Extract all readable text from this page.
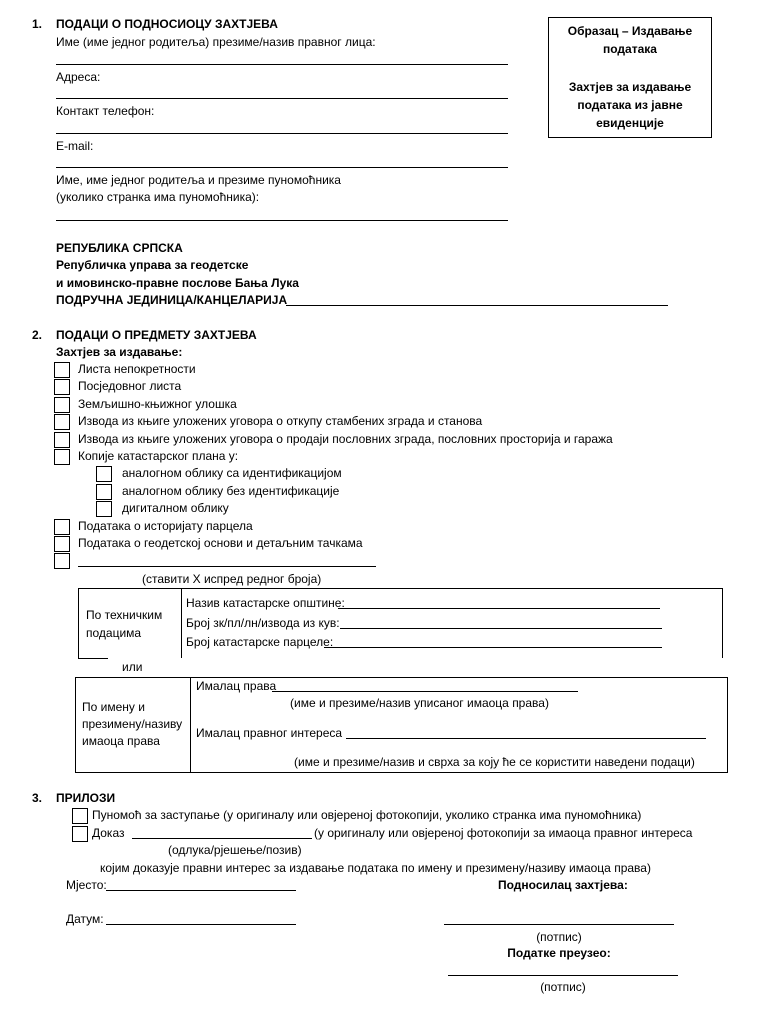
Образац – Издавање
података
Захтјев за издавање
података из јавне
евиденције
1. ПОДАЦИ О ПОДНОСИОЦУ ЗАХТЈЕВА
Име (име једног родитеља) презиме/назив правног лица:
Адреса:
Контакт телефон:
E-mail:
Име, име једног родитеља и презиме пуномоћника
(уколико странка има пуномоћника):
РЕПУБЛИКА СРПСКА
Републичка управа за геодетске
и имовинско-правне послове Бања Лука
ПОДРУЧНА ЈЕДИНИЦА/КАНЦЕЛАРИЈА
2. ПОДАЦИ О ПРЕДМЕТУ ЗАХТЈЕВА
Захтјев за издавање:
Листа непокретности
Посједовног листа
Земљишно-књижног улошка
Извода из књиге уложених уговора о откупу стамбених зграда и станова
Извода из књиге уложених уговора о продаји пословних зграда, пословних просторија и гаража
Копије катастарског плана у:
аналогном облику са идентификацијом
аналогном облику без идентификације
дигиталном облику
Података о историјату парцела
Података о геодетској основи и детаљним тачкама
(ставити X испред редног броја)
По техничким
подацима
Назив катастарске општине:
Број зк/пл/лн/извода из кув:
Број катастарске парцеле:
или
По имену и
презимену/називу
имаоца права
Ималац права
(име и презиме/назив уписаног имаоца права)
Ималац правног интереса
(име и презиме/назив и сврха за коју ће се користити наведени подаци)
3. ПРИЛОЗИ
Пуномоћ за заступање (у оригиналу или овјереној фотокопији, уколико странка има пуномоћника)
Доказ	(у оригиналу или овјереној фотокопији за имаоца правног интереса
(одлука/рјешење/позив)
којим доказује правни интерес за издавање података по имену и презимену/називу имаоца права)
Мјесто:	Подносилац захтјева:
Датум:
(потпис)
Податке преузео:
(потпис)
